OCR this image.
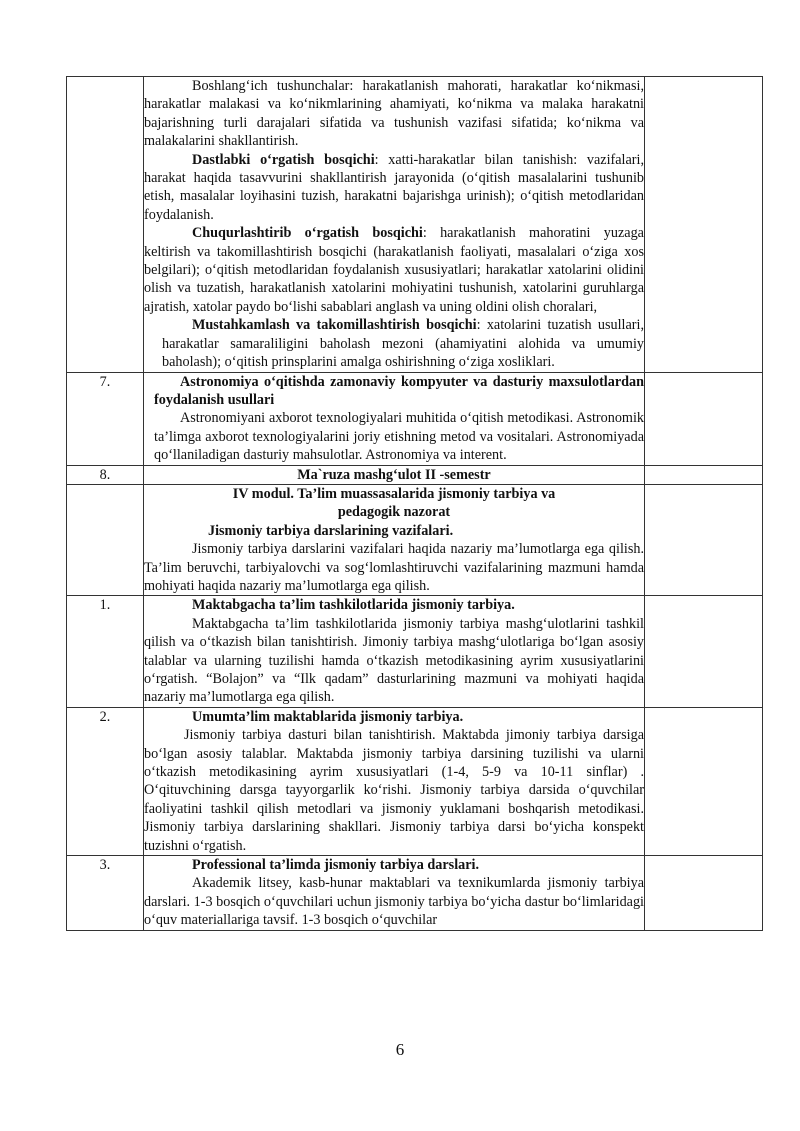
	Boshlang‘ich tushunchalar: harakatlanish mahorati, harakatlar ko‘nikmasi, harakatlar malakasi va ko‘nikmlarining ahamiyati, ko‘nikma va malaka harakatni bajarishning turli darajalari sifatida va tushunish vazifasi sifatida; ko‘nikma va malakalarini shakllantirish.

Dastlabki o‘rgatish bosqichi: xatti-harakatlar bilan tanishish: vazifalari, harakat haqida tasavvurini shakllantirish jarayonida (o‘qitish masalalarini tushunib etish, masalalar loyihasini tuzish, harakatni bajarishga urinish); o‘qitish metodlaridan foydalanish.

Chuqurlashtirib o‘rgatish bosqichi: harakatlanish mahoratini yuzaga keltirish va takomillashtirish bosqichi (harakatlanish faoliyati, masalalari o‘ziga xos belgilari); o‘qitish metodlaridan foydalanish xususiyatlari; harakatlar xatolarini olidini olish va tuzatish, harakatlanish xatolarini mohiyatini tushunish, xatolarini guruhlarga ajratish, xatolar paydo bo‘lishi sabablari anglash va uning oldini olish choralari,

Mustahkamlash va takomillashtirish bosqichi: xatolarini tuzatish usullari, harakatlar samaraliligini baholash mezoni (ahamiyatini alohida va umumiy baholash); o‘qitish prinsplarini amalga oshirishning o‘ziga xosliklari.	

7.	Astronomiya o‘qitishda zamonaviy kompyuter va dasturiy maxsulotlardan foydalanish usullari

Astronomiyani axborot texnologiyalari muhitida o‘qitish metodikasi. Astronomik ta’limga axborot texnologiyalarini joriy etishning metod va vositalari. Astronomiyada qo‘llaniladigan dasturiy mahsulotlar. Astronomiya va interent.	

8.	Ma`ruza mashg‘ulot II -semestr	

	IV modul. Ta’lim muassasalarida jismoniy tarbiya va

pedagogik nazorat

Jismoniy tarbiya darslarining vazifalari.

Jismoniy tarbiya darslarini vazifalari haqida nazariy ma’lumotlarga ega qilish. Ta’lim beruvchi, tarbiyalovchi va sog‘lomlashtiruvchi vazifalarining mazmuni hamda mohiyati haqida nazariy ma’lumotlarga ega qilish.	

1.	Maktabgacha ta’lim tashkilotlarida jismoniy tarbiya.

Maktabgacha ta’lim tashkilotlarida jismoniy tarbiya mashg‘ulotlarini tashkil qilish va o‘tkazish bilan tanishtirish. Jimoniy tarbiya mashg‘ulotlariga bo‘lgan asosiy talablar va ularning tuzilishi hamda o‘tkazish metodikasining ayrim xususiyatlarini o‘rgatish. “Bolajon” va “Ilk qadam” dasturlarining mazmuni va mohiyati haqida nazariy ma’lumotlarga ega qilish.	

2.	Umumta’lim maktablarida jismoniy tarbiya.

Jismoniy tarbiya dasturi bilan tanishtirish. Maktabda jimoniy tarbiya darsiga bo‘lgan asosiy talablar. Maktabda jismoniy tarbiya darsining tuzilishi va ularni o‘tkazish metodikasining ayrim xususiyatlari (1-4, 5-9 va 10-11 sinflar) . O‘qituvchining darsga tayyorgarlik ko‘rishi. Jismoniy tarbiya darsida o‘quvchilar faoliyatini tashkil qilish metodlari va jismoniy yuklamani boshqarish metodikasi. Jismoniy tarbiya darslarining shakllari. Jismoniy tarbiya darsi bo‘yicha konspekt tuzishni o‘rgatish.	

3.	Professional ta’limda jismoniy tarbiya darslari.

Akademik litsey, kasb-hunar maktablari va texnikumlarda jismoniy tarbiya darslari. 1-3 bosqich o‘quvchilari uchun jismoniy tarbiya bo‘yicha dastur bo‘limlaridagi o‘quv materiallariga tavsif. 1-3 bosqich o‘quvchilar	

6
